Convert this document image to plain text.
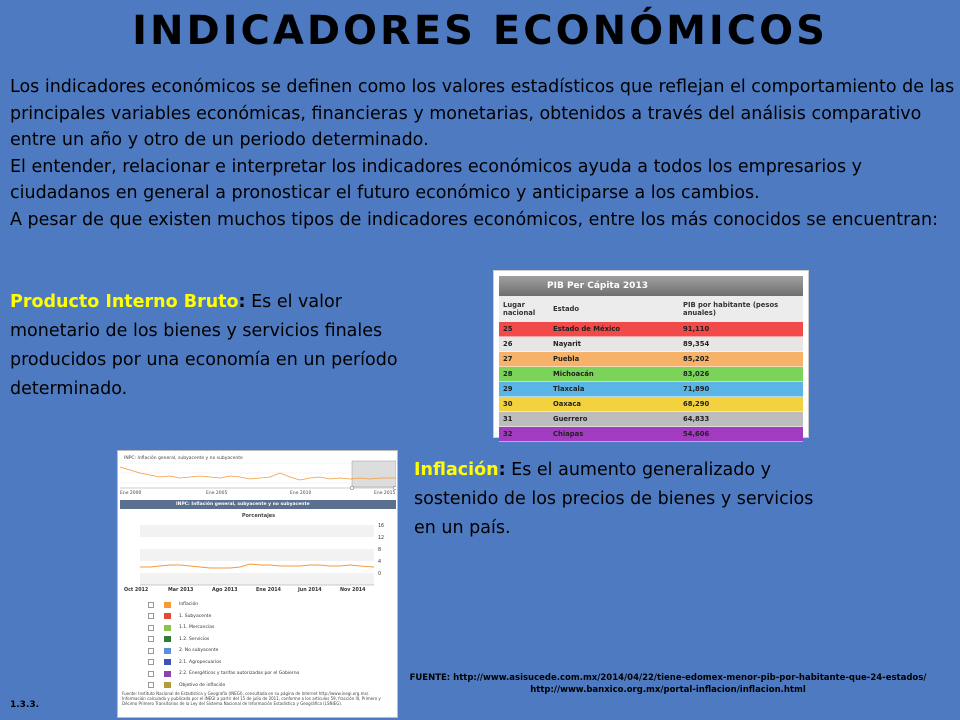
INDICADORES ECONÓMICOS

Los indicadores económicos se definen como los valores estadísticos que reflejan el comportamiento de las principales variables económicas, financieras y monetarias, obtenidos a través del análisis comparativo entre un año y otro de un periodo determinado.

El entender, relacionar e interpretar los indicadores económicos ayuda a todos los empresarios y ciudadanos en general a pronosticar el futuro económico y anticiparse a los cambios.

A pesar de que existen muchos tipos de indicadores económicos, entre los más conocidos se encuentran:

Producto Interno Bruto: Es el valor monetario de los bienes y servicios finales producidos por una economía en un período determinado.
PIB Per Cápita 2013
Lugar nacional	Estado	PIB por habitante (pesos anuales)
25	Estado de México	91,110
26	Nayarit	89,354
27	Puebla	85,202
28	Michoacán	83,026
29	Tlaxcala	71,890
30	Oaxaca	68,290
31	Guerrero	64,833
32	Chiapas	54,606
Inflación: Es el aumento generalizado y sostenido de los precios de bienes y servicios en un país.
INPC: Inflación general, subyacente y no subyacente
Ene 2000	Ene 2005	Ene 2010	Ene 2015
INPC: Inflación general, subyacente y no subyacente
Porcentajes
16
12
8
4
0
Oct 2012	Mar 2013	Ago 2013	Ene 2014	Jun 2014	Nov 2014
Inflación
1. Subyacente
1.1. Mercancías
1.2. Servicios
2. No subyacente
2.1. Agropecuarios
2.2. Energéticos y tarifas autorizadas por el Gobierno
Objetivo de inflación
Fuente: Instituto Nacional de Estadística y Geografía (INEGI), consultada en su página de Internet http://www.inegi.org.mx/. Información calculada y publicada por el INEGI a partir del 15 de julio de 2011, conforme a los artículos 59, fracción III, Primero y Décimo Primero Transitorios de la Ley del Sistema Nacional de Información Estadística y Geográfica (LSNIEG).
FUENTE: http://www.asisucede.com.mx/2014/04/22/tiene-edomex-menor-pib-por-habitante-que-24-estados/
http://www.banxico.org.mx/portal-inflacion/inflacion.html
1.3.3.
